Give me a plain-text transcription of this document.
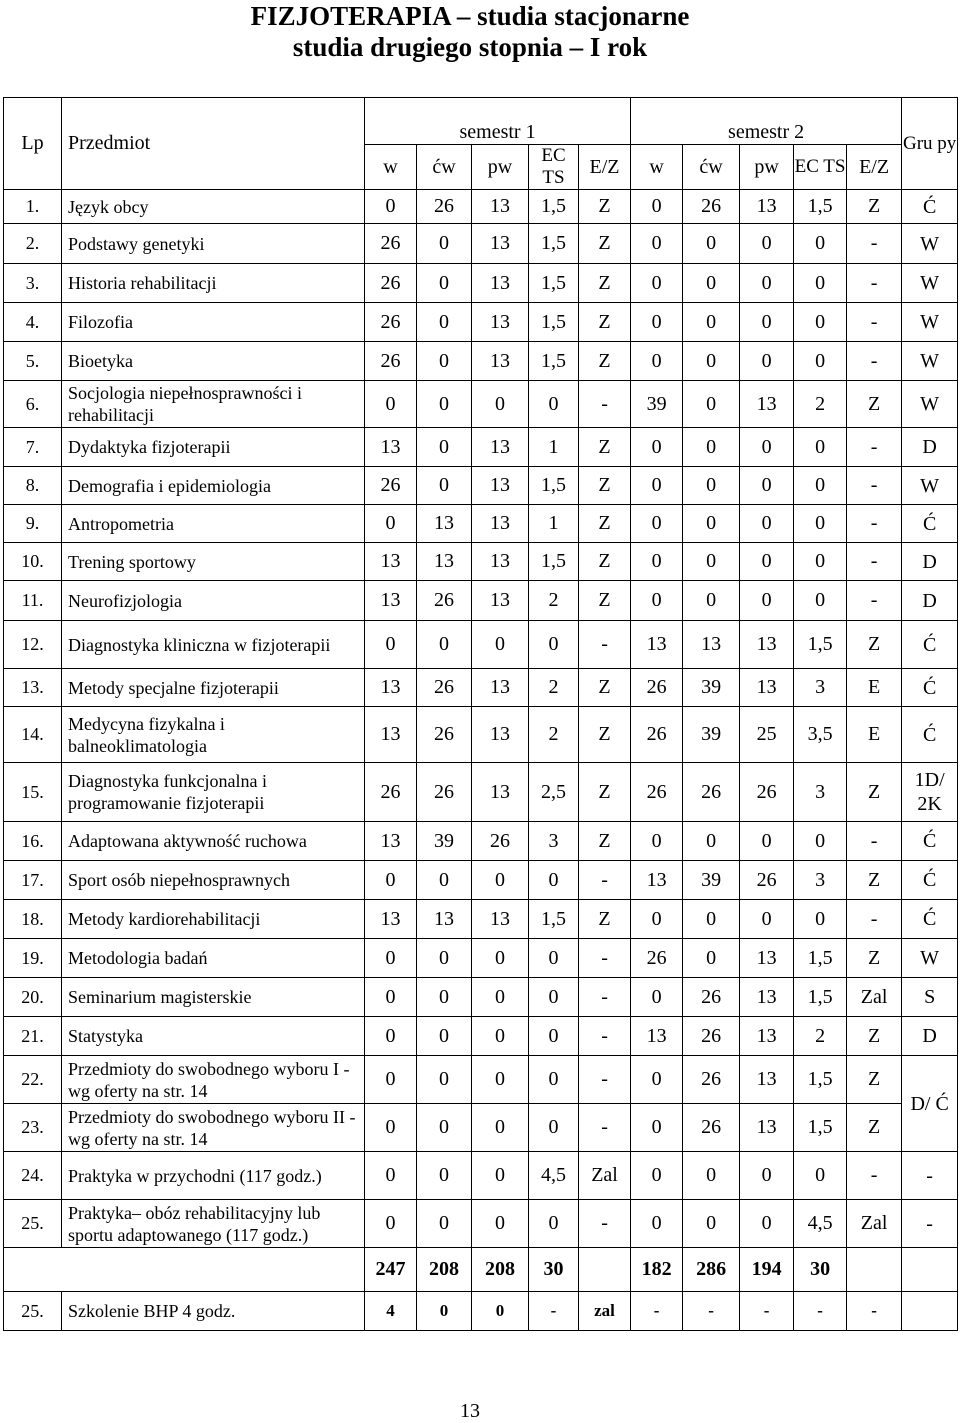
FIZJOTERAPIA – studia stacjonarne
studia drugiego stopnia – I rok
Lp	Przedmiot	semestr 1					semestr 2					Gru py
		w	ćw	pw	EC TS	E/Z	w	ćw	pw	EC TS	E/Z	
1.	Język obcy	0	26	13	1,5	Z	0	26	13	1,5	Z	Ć
2.	Podstawy genetyki	26	0	13	1,5	Z	0	0	0	0	-	W
3.	Historia rehabilitacji	26	0	13	1,5	Z	0	0	0	0	-	W
4.	Filozofia	26	0	13	1,5	Z	0	0	0	0	-	W
5.	Bioetyka	26	0	13	1,5	Z	0	0	0	0	-	W
6.	Socjologia niepełnosprawności i rehabilitacji	0	0	0	0	-	39	0	13	2	Z	W
7.	Dydaktyka fizjoterapii	13	0	13	1	Z	0	0	0	0	-	D
8.	Demografia i epidemiologia	26	0	13	1,5	Z	0	0	0	0	-	W
9.	Antropometria	0	13	13	1	Z	0	0	0	0	-	Ć
10.	Trening sportowy	13	13	13	1,5	Z	0	0	0	0	-	D
11.	Neurofizjologia	13	26	13	2	Z	0	0	0	0	-	D
12.	Diagnostyka kliniczna w fizjoterapii	0	0	0	0	-	13	13	13	1,5	Z	Ć
13.	Metody specjalne fizjoterapii	13	26	13	2	Z	26	39	13	3	E	Ć
14.	Medycyna fizykalna i balneoklimatologia	13	26	13	2	Z	26	39	25	3,5	E	Ć
15.	Diagnostyka funkcjonalna i programowanie fizjoterapii	26	26	13	2,5	Z	26	26	26	3	Z	1D/ 2K
16.	Adaptowana aktywność ruchowa	13	39	26	3	Z	0	0	0	0	-	Ć
17.	Sport osób niepełnosprawnych	0	0	0	0	-	13	39	26	3	Z	Ć
18.	Metody kardiorehabilitacji	13	13	13	1,5	Z	0	0	0	0	-	Ć
19.	Metodologia badań	0	0	0	0	-	26	0	13	1,5	Z	W
20.	Seminarium magisterskie	0	0	0	0	-	0	26	13	1,5	Zal	S
21.	Statystyka	0	0	0	0	-	13	26	13	2	Z	D
22.	Przedmioty do swobodnego wyboru I -wg oferty na str. 14	0	0	0	0	-	0	26	13	1,5	Z	D/ Ć
23.	Przedmioty do swobodnego wyboru II -wg oferty na str. 14	0	0	0	0	-	0	26	13	1,5	Z	
24.	Praktyka w przychodni (117 godz.)	0	0	0	4,5	Zal	0	0	0	0	-	-
25.	Praktyka– obóz rehabilitacyjny lub sportu adaptowanego (117 godz.)	0	0	0	0	-	0	0	0	4,5	Zal	-
		247	208	208	30		182	286	194	30		
25.	Szkolenie BHP 4 godz.	4	0	0	-	zal	-	-	-	-	-	
13
